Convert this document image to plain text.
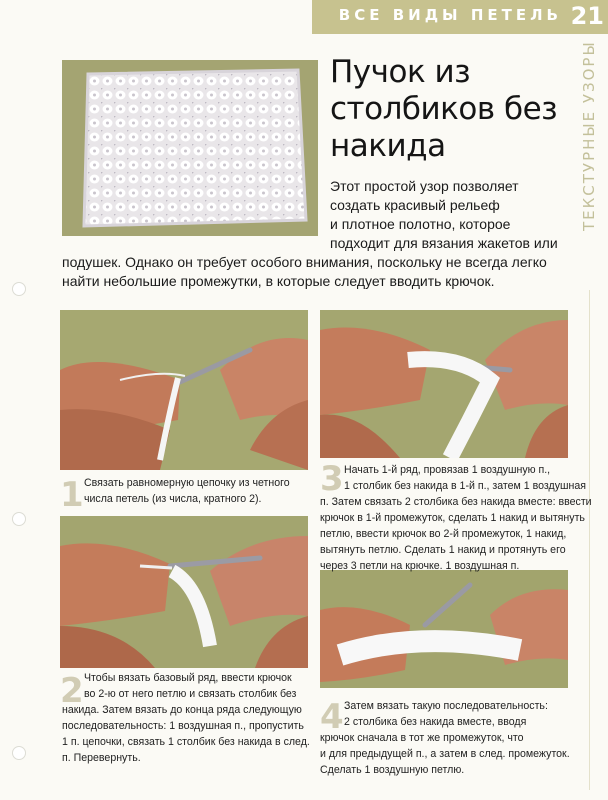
ВСЕ ВИДЫ ПЕТЕЛЬ 21
ТЕКСТУРНЫЕ УЗОРЫ
Пучок из
столбиков без
накида
Этот простой узор позволяет
создать красивый рельеф
и плотное полотно, которое
подходит для вязания жакетов или
подушек. Однако он требует особого внимания, поскольку не всегда легко
найти небольшие промежутки, в которые следует вводить крючок.
1 Связать равномерную цепочку из четного
числа петель (из числа, кратного 2).
2 Чтобы вязать базовый ряд, ввести крючок
во 2-ю от него петлю и связать столбик без
накида. Затем вязать до конца ряда следующую
последовательность: 1 воздушная п., пропустить
1 п. цепочки, связать 1 столбик без накида в след.
п. Перевернуть.
3 Начать 1-й ряд, провязав 1 воздушную п.,
1 столбик без накида в 1-й п., затем 1 воздушная
п. Затем связать 2 столбика без накида вместе: ввести
крючок в 1-й промежуток, сделать 1 накид и вытянуть
петлю, ввести крючок во 2-й промежуток, 1 накид,
вытянуть петлю. Сделать 1 накид и протянуть его
через 3 петли на крючке. 1 воздушная п.
4 Затем вязать такую последовательность:
2 столбика без накида вместе, вводя
крючок сначала в тот же промежуток, что
и для предыдущей п., а затем в след. промежуток.
Сделать 1 воздушную петлю.
